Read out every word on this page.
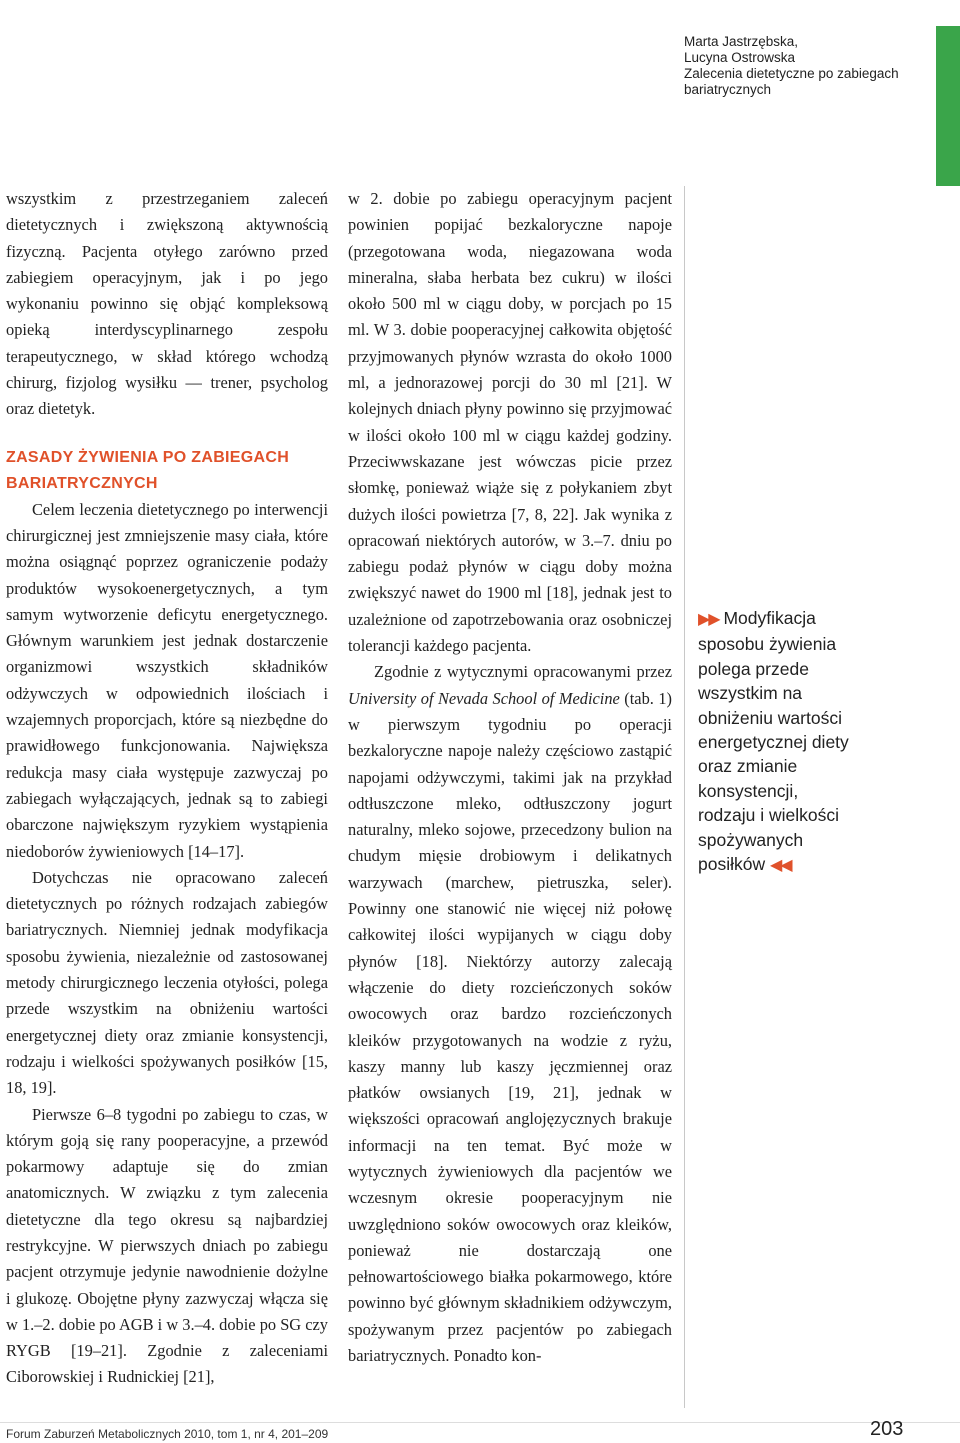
Marta Jastrzębska,
Lucyna Ostrowska
Zalecenia dietetyczne po zabiegach
bariatrycznych

wszystkim z przestrzeganiem zaleceń dietetycznych i zwiększoną aktywnością fizyczną. Pacjenta otyłego zarówno przed zabiegiem operacyjnym, jak i po jego wykonaniu powinno się objąć kompleksową opieką interdyscyplinarnego zespołu terapeutycznego, w skład którego wchodzą chirurg, fizjolog wysiłku — trener, psycholog oraz dietetyk.

ZASADY ŻYWIENIA PO ZABIEGACH BARIATRYCZNYCH

Celem leczenia dietetycznego po interwencji chirurgicznej jest zmniejszenie masy ciała, które można osiągnąć poprzez ograniczenie podaży produktów wysokoenergetycznych, a tym samym wytworzenie deficytu energetycznego. Głównym warunkiem jest jednak dostarczenie organizmowi wszystkich składników odżywczych w odpowiednich ilościach i wzajemnych proporcjach, które są niezbędne do prawidłowego funkcjonowania. Największa redukcja masy ciała występuje zazwyczaj po zabiegach wyłączających, jednak są to zabiegi obarczone największym ryzykiem wystąpienia niedoborów żywieniowych [14–17].

Dotychczas nie opracowano zaleceń dietetycznych po różnych rodzajach zabiegów bariatrycznych. Niemniej jednak modyfikacja sposobu żywienia, niezależnie od zastosowanej metody chirurgicznego leczenia otyłości, polega przede wszystkim na obniżeniu wartości energetycznej diety oraz zmianie konsystencji, rodzaju i wielkości spożywanych posiłków [15, 18, 19].

Pierwsze 6–8 tygodni po zabiegu to czas, w którym goją się rany pooperacyjne, a przewód pokarmowy adaptuje się do zmian anatomicznych. W związku z tym zalecenia dietetyczne dla tego okresu są najbardziej restrykcyjne. W pierwszych dniach po zabiegu pacjent otrzymuje jedynie nawodnienie dożylne i glukozę. Obojętne płyny zazwyczaj włącza się w 1.–2. dobie po AGB i w 3.–4. dobie po SG czy RYGB [19–21]. Zgodnie z zaleceniami Ciborowskiej i Rudnickiej [21],

w 2. dobie po zabiegu operacyjnym pacjent powinien popijać bezkaloryczne napoje (przegotowana woda, niegazowana woda mineralna, słaba herbata bez cukru) w ilości około 500 ml w ciągu doby, w porcjach po 15 ml. W 3. dobie pooperacyjnej całkowita objętość przyjmowanych płynów wzrasta do około 1000 ml, a jednorazowej porcji do 30 ml [21]. W kolejnych dniach płyny powinno się przyjmować w ilości około 100 ml w ciągu każdej godziny. Przeciwwskazane jest wówczas picie przez słomkę, ponieważ wiąże się z połykaniem zbyt dużych ilości powietrza [7, 8, 22]. Jak wynika z opracowań niektórych autorów, w 3.–7. dniu po zabiegu podaż płynów w ciągu doby można zwiększyć nawet do 1900 ml [18], jednak jest to uzależnione od zapotrzebowania oraz osobniczej tolerancji każdego pacjenta.

Zgodnie z wytycznymi opracowanymi przez University of Nevada School of Medicine (tab. 1) w pierwszym tygodniu po operacji bezkaloryczne napoje należy częściowo zastąpić napojami odżywczymi, takimi jak na przykład odtłuszczone mleko, odtłuszczony jogurt naturalny, mleko sojowe, przecedzony bulion na chudym mięsie drobiowym i delikatnych warzywach (marchew, pietruszka, seler). Powinny one stanowić nie więcej niż połowę całkowitej ilości wypijanych w ciągu doby płynów [18]. Niektórzy autorzy zalecają włączenie do diety rozcieńczonych soków owocowych oraz bardzo rozcieńczonych kleików przygotowanych na wodzie z ryżu, kaszy manny lub kaszy jęczmiennej oraz płatków owsianych [19, 21], jednak w większości opracowań anglojęzycznych brakuje informacji na ten temat. Być może w wytycznych żywieniowych dla pacjentów we wczesnym okresie pooperacyjnym nie uwzględniono soków owocowych oraz kleików, ponieważ nie dostarczają one pełnowartościowego białka pokarmowego, które powinno być głównym składnikiem odżywczym, spożywanym przez pacjentów po zabiegach bariatrycznych. Ponadto kon-

▶▶ Modyfikacja sposobu żywienia polega przede wszystkim na obniżeniu wartości energetycznej diety oraz zmianie konsystencji, rodzaju i wielkości spożywanych posiłków ◀◀
Forum Zaburzeń Metabolicznych 2010, tom 1, nr 4, 201–209	203
